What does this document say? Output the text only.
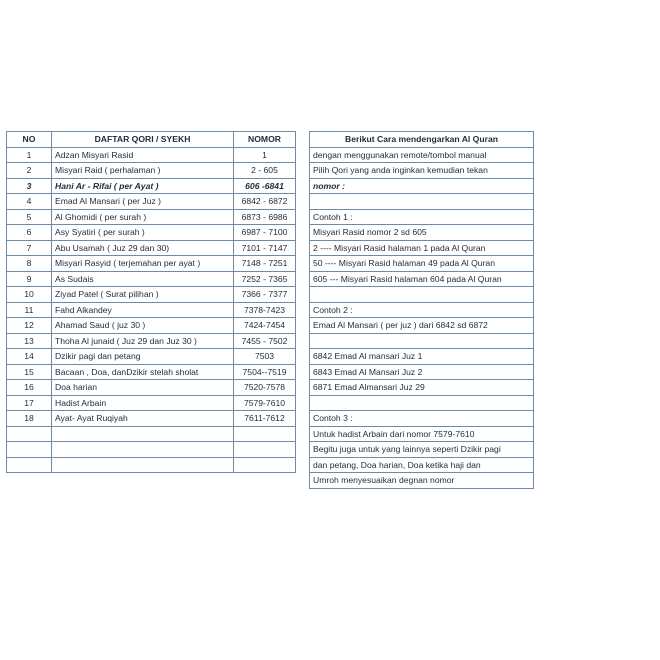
NO	DAFTAR QORI / SYEKH	NOMOR
1	Adzan Misyari Rasid	1
2	Misyari Raid ( perhalaman )	2 - 605
3	Hani Ar - Rifai ( per Ayat )	606 -6841
4	Emad Al Mansari ( per Juz )	6842 - 6872
5	Al Ghomidi ( per surah )	6873 - 6986
6	Asy Syatiri ( per surah )	6987 - 7100
7	Abu Usamah ( Juz 29 dan 30)	7101 - 7147
8	Misyari Rasyid ( terjemahan per ayat )	7148 - 7251
9	As Sudais	7252 - 7365
10	Ziyad Patel ( Surat pilihan )	7366 - 7377
11	Fahd Alkandey	7378-7423
12	Ahamad Saud ( juz 30 )	7424-7454
13	Thoha Al junaid ( Juz 29 dan Juz 30 )	7455 - 7502
14	Dzikir pagi dan petang	7503
15	Bacaan , Doa, danDzikir stelah sholat	7504--7519
16	Doa harian	7520-7578
17	Hadist Arbain	7579-7610
18	Ayat- Ayat Ruqiyah	7611-7612

Berikut Cara mendengarkan Al Quran
dengan menggunakan remote/tombol manual
Pilih Qori yang anda inginkan kemudian tekan
nomor :

Contoh 1 :
Misyari Rasid nomor 2 sd 605
2 ---- Misyari Rasid halaman 1 pada Al Quran
50 ---- Misyari Rasid halaman 49 pada Al Quran
605 --- Misyari Rasid halaman 604 pada Al Quran

Contoh 2 :
Emad Al Mansari ( per juz ) dari 6842 sd 6872

6842 Emad Al mansari Juz 1
6843 Emad Al Mansari Juz 2
6871 Emad Almansari Juz 29

Contoh 3 :
Untuk hadist Arbain dari nomor 7579-7610
Begitu juga untuk yang lainnya seperti Dzikir pagi
dan petang, Doa harian, Doa ketika haji dan
Umroh menyesuaikan degnan nomor
